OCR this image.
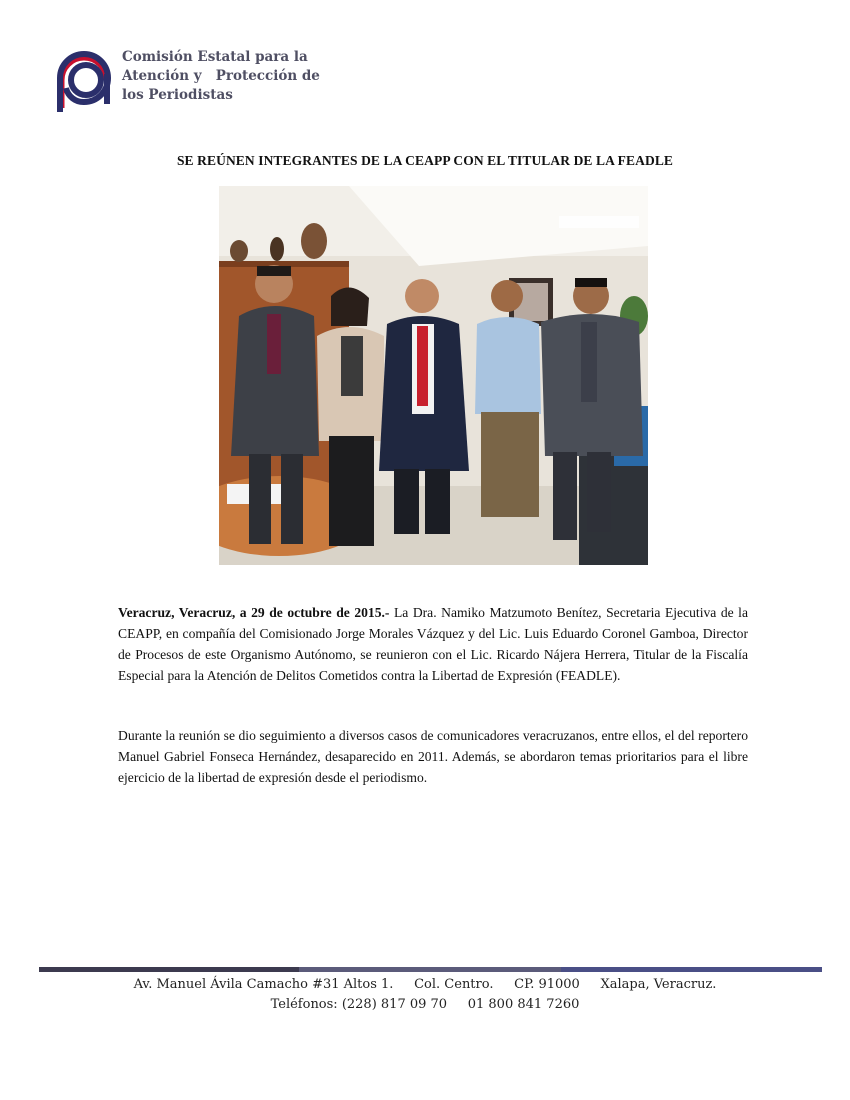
Comisión Estatal para la
Atención y   Protección de
los Periodistas
SE REÚNEN INTEGRANTES DE LA CEAPP CON EL TITULAR DE LA FEADLE
Veracruz, Veracruz, a 29 de octubre de 2015.- La Dra. Namiko Matzumoto Benítez, Secretaria Ejecutiva de la CEAPP, en compañía del Comisionado Jorge Morales Vázquez y del Lic. Luis Eduardo Coronel Gamboa, Director de Procesos de este Organismo Autónomo, se reunieron con el Lic. Ricardo Nájera Herrera, Titular de la Fiscalía Especial para la Atención de Delitos Cometidos contra la Libertad de Expresión (FEADLE).
Durante la reunión se dio seguimiento a diversos casos de comunicadores veracruzanos, entre ellos, el del reportero Manuel Gabriel Fonseca Hernández, desaparecido en 2011. Además, se abordaron temas prioritarios para el libre ejercicio de la libertad de expresión desde el periodismo.
Av. Manuel Ávila Camacho #31 Altos 1.     Col. Centro.     CP. 91000     Xalapa, Veracruz.
Teléfonos: (228) 817 09 70     01 800 841 7260
